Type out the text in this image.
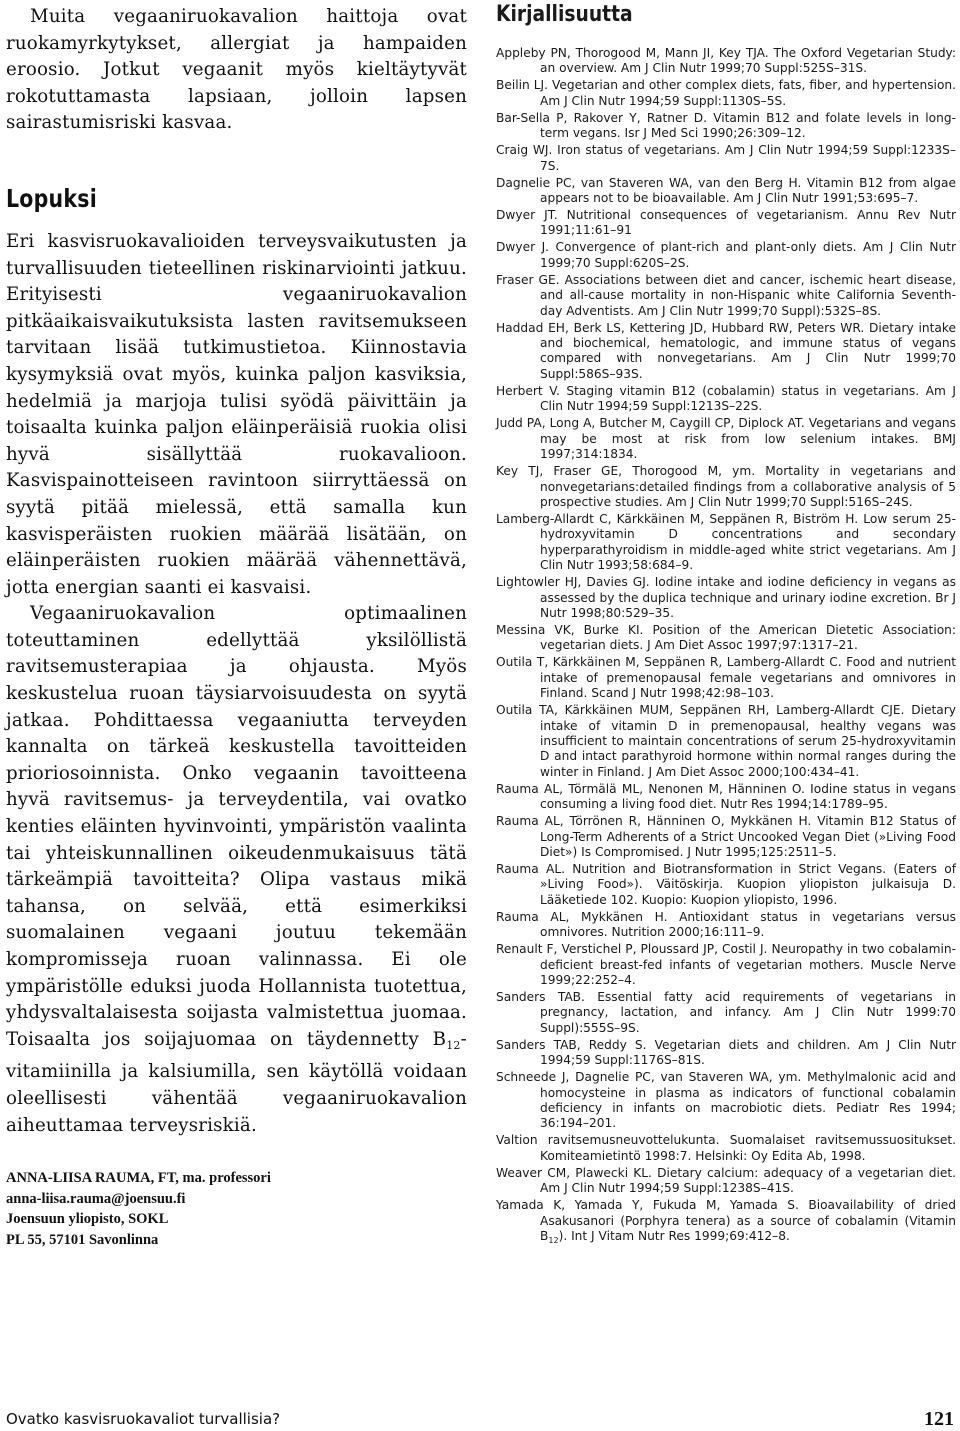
Muita vegaaniruokavalion haittoja ovat ruokamyrkytykset, allergiat ja hampaiden eroosio. Jotkut vegaanit myös kieltäytyvät rokotuttamasta lapsiaan, jolloin lapsen sairastumisriski kasvaa.

Lopuksi

Eri kasvisruokavalioiden terveysvaikutusten ja turvallisuuden tieteellinen riskinarviointi jatkuu. Erityisesti vegaaniruokavalion pitkäaikaisvaikutuksista lasten ravitsemukseen tarvitaan lisää tutkimustietoa. Kiinnostavia kysymyksiä ovat myös, kuinka paljon kasviksia, hedelmiä ja marjoja tulisi syödä päivittäin ja toisaalta kuinka paljon eläinperäisiä ruokia olisi hyvä sisällyttää ruokavalioon. Kasvispainotteiseen ravintoon siirryttäessä on syytä pitää mielessä, että samalla kun kasvisperäisten ruokien määrää lisätään, on eläinperäisten ruokien määrää vähennettävä, jotta energian saanti ei kasvaisi.

Vegaaniruokavalion optimaalinen toteuttaminen edellyttää yksilöllistä ravitsemusterapiaa ja ohjausta. Myös keskustelua ruoan täysiarvoisuudesta on syytä jatkaa. Pohdittaessa vegaaniutta terveyden kannalta on tärkeä keskustella tavoitteiden prioriosoinnista. Onko vegaanin tavoitteena hyvä ravitsemus- ja terveydentila, vai ovatko kenties eläinten hyvinvointi, ympäristön vaalinta tai yhteiskunnallinen oikeudenmukaisuus tätä tärkeämpiä tavoitteita? Olipa vastaus mikä tahansa, on selvää, että esimerkiksi suomalainen vegaani joutuu tekemään kompromisseja ruoan valinnassa. Ei ole ympäristölle eduksi juoda Hollannista tuotettua, yhdysvaltalaisesta soijasta valmistettua juomaa. Toisaalta jos soijajuomaa on täydennetty $B_{12}$-vitamiinilla ja kalsiumilla, sen käytöllä voidaan oleellisesti vähentää vegaaniruokavalion aiheuttamaa terveysriskiä.

ANNA-LIISA RAUMA, FT, ma. professori
anna-liisa.rauma@joensuu.fi
Joensuun yliopisto, SOKL
PL 55, 57101 Savonlinna
Kirjallisuutta

Appleby PN, Thorogood M, Mann JI, Key TJA. The Oxford Vegetarian Study: an overview. Am J Clin Nutr 1999;70 Suppl:525S–31S.

Beilin LJ. Vegetarian and other complex diets, fats, fiber, and hypertension. Am J Clin Nutr 1994;59 Suppl:1130S–5S.

Bar-Sella P, Rakover Y, Ratner D. Vitamin B12 and folate levels in long-term vegans. Isr J Med Sci 1990;26:309–12.

Craig WJ. Iron status of vegetarians. Am J Clin Nutr 1994;59 Suppl:1233S–7S.

Dagnelie PC, van Staveren WA, van den Berg H. Vitamin B12 from algae appears not to be bioavailable. Am J Clin Nutr 1991;53:695–7.

Dwyer JT. Nutritional consequences of vegetarianism. Annu Rev Nutr 1991;11:61–91

Dwyer J. Convergence of plant-rich and plant-only diets. Am J Clin Nutr 1999;70 Suppl:620S–2S.

Fraser GE. Associations between diet and cancer, ischemic heart disease, and all-cause mortality in non-Hispanic white California Seventh-day Adventists. Am J Clin Nutr 1999;70 Suppl):532S–8S.

Haddad EH, Berk LS, Kettering JD, Hubbard RW, Peters WR. Dietary intake and biochemical, hematologic, and immune status of vegans compared with nonvegetarians. Am J Clin Nutr 1999;70 Suppl:586S–93S.

Herbert V. Staging vitamin B12 (cobalamin) status in vegetarians. Am J Clin Nutr 1994;59 Suppl:1213S–22S.

Judd PA, Long A, Butcher M, Caygill CP, Diplock AT. Vegetarians and vegans may be most at risk from low selenium intakes. BMJ 1997;314:1834.

Key TJ, Fraser GE, Thorogood M, ym. Mortality in vegetarians and nonvegetarians:detailed findings from a collaborative analysis of 5 prospective studies. Am J Clin Nutr 1999;70 Suppl:516S–24S.

Lamberg-Allardt C, Kärkkäinen M, Seppänen R, Biström H. Low serum 25-hydroxyvitamin D concentrations and secondary hyperparathyroidism in middle-aged white strict vegetarians. Am J Clin Nutr 1993;58:684–9.

Lightowler HJ, Davies GJ. Iodine intake and iodine deficiency in vegans as assessed by the duplica technique and urinary iodine excretion. Br J Nutr 1998;80:529–35.

Messina VK, Burke KI. Position of the American Dietetic Association: vegetarian diets. J Am Diet Assoc 1997;97:1317–21.

Outila T, Kärkkäinen M, Seppänen R, Lamberg-Allardt C. Food and nutrient intake of premenopausal female vegetarians and omnivores in Finland. Scand J Nutr 1998;42:98–103.

Outila TA, Kärkkäinen MUM, Seppänen RH, Lamberg-Allardt CJE. Dietary intake of vitamin D in premenopausal, healthy vegans was insufficient to maintain concentrations of serum 25-hydroxyvitamin D and intact parathyroid hormone within normal ranges during the winter in Finland. J Am Diet Assoc 2000;100:434–41.

Rauma AL, Törmälä ML, Nenonen M, Hänninen O. Iodine status in vegans consuming a living food diet. Nutr Res 1994;14:1789–95.

Rauma AL, Törrönen R, Hänninen O, Mykkänen H. Vitamin B12 Status of Long-Term Adherents of a Strict Uncooked Vegan Diet (»Living Food Diet») Is Compromised. J Nutr 1995;125:2511–5.

Rauma AL. Nutrition and Biotransformation in Strict Vegans. (Eaters of »Living Food»). Väitöskirja. Kuopion yliopiston julkaisuja D. Lääketiede 102. Kuopio: Kuopion yliopisto, 1996.

Rauma AL, Mykkänen H. Antioxidant status in vegetarians versus omnivores. Nutrition 2000;16:111–9.

Renault F, Verstichel P, Ploussard JP, Costil J. Neuropathy in two cobalamin-deficient breast-fed infants of vegetarian mothers. Muscle Nerve 1999;22:252–4.

Sanders TAB. Essential fatty acid requirements of vegetarians in pregnancy, lactation, and infancy. Am J Clin Nutr 1999:70 Suppl):555S–9S.

Sanders TAB, Reddy S. Vegetarian diets and children. Am J Clin Nutr 1994;59 Suppl:1176S–81S.

Schneede J, Dagnelie PC, van Staveren WA, ym. Methylmalonic acid and homocysteine in plasma as indicators of functional cobalamin deficiency in infants on macrobiotic diets. Pediatr Res 1994; 36:194–201.

Valtion ravitsemusneuvottelukunta. Suomalaiset ravitsemussuositukset. Komiteamietintö 1998:7. Helsinki: Oy Edita Ab, 1998.

Weaver CM, Plawecki KL. Dietary calcium: adequacy of a vegetarian diet. Am J Clin Nutr 1994;59 Suppl:1238S–41S.

Yamada K, Yamada Y, Fukuda M, Yamada S. Bioavailability of dried Asakusanori (Porphyra tenera) as a source of cobalamin (Vitamin $B_{12}$). Int J Vitam Nutr Res 1999;69:412–8.

Ovatko kasvisruokavaliot turvallisia?	121
